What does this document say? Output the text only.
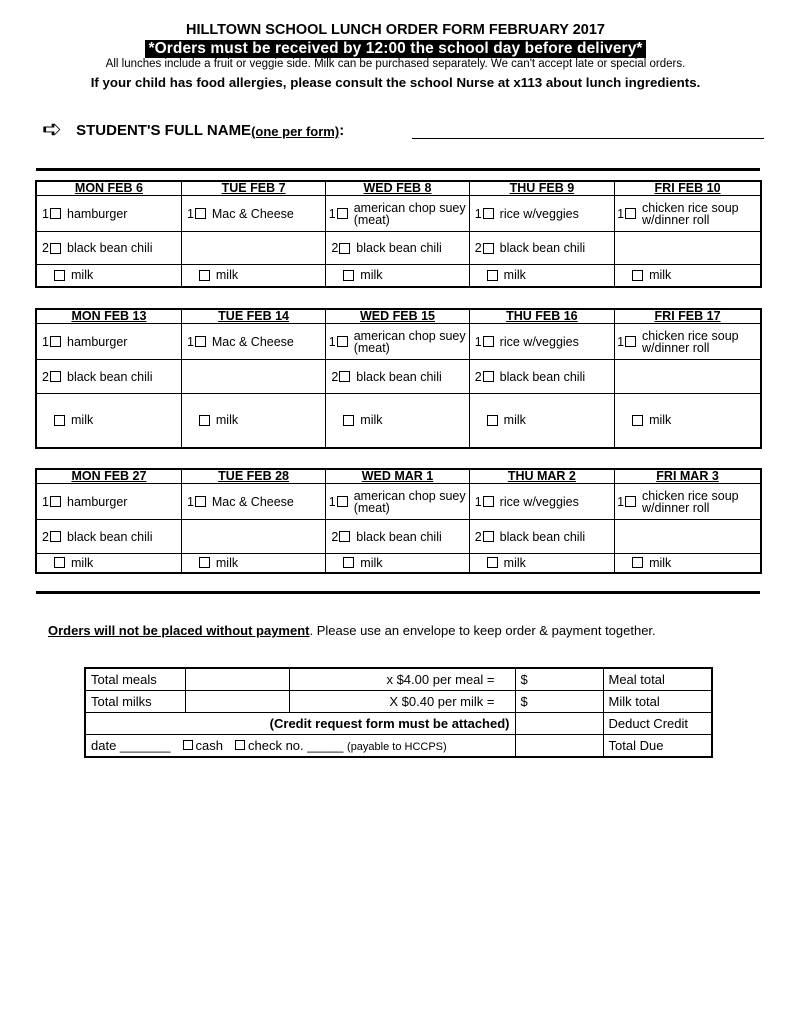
HILLTOWN SCHOOL LUNCH ORDER FORM FEBRUARY 2017
*Orders must be received by 12:00 the school day before delivery*
All lunches include a fruit or veggie side. Milk can be purchased separately. We can't accept late or special orders.
If your child has food allergies, please consult the school Nurse at x113 about lunch ingredients.
➪ STUDENT'S FULL NAME (one per form) :
MON FEB 6	TUE FEB 7	WED FEB 8	THU FEB 9	FRI FEB 10

1 hamburger	1 Mac & Cheese	1 american chop suey (meat)	1 rice w/veggies	1 chicken rice soup w/dinner roll

2 black bean chili		2 black bean chili	2 black bean chili	

milk	milk	milk	milk	milk
MON FEB 13	TUE FEB 14	WED FEB 15	THU FEB 16	FRI FEB 17

1 hamburger	1 Mac & Cheese	1 american chop suey (meat)	1 rice w/veggies	1 chicken rice soup w/dinner roll

2 black bean chili		2 black bean chili	2 black bean chili	

milk	milk	milk	milk	milk
MON FEB 27	TUE FEB 28	WED MAR 1	THU MAR 2	FRI MAR 3

1 hamburger	1 Mac & Cheese	1 american chop suey (meat)	1 rice w/veggies	1 chicken rice soup w/dinner roll

2 black bean chili		2 black bean chili	2 black bean chili	

milk	milk	milk	milk	milk
Orders will not be placed without payment. Please use an envelope to keep order & payment together.
Total meals		x $4.00 per meal =	$	Meal total
Total milks		X $0.40 per milk =	$	Milk total
(Credit request form must be attached)				Deduct Credit
date _______ cash check no. _____ (payable to HCCPS)				Total Due
